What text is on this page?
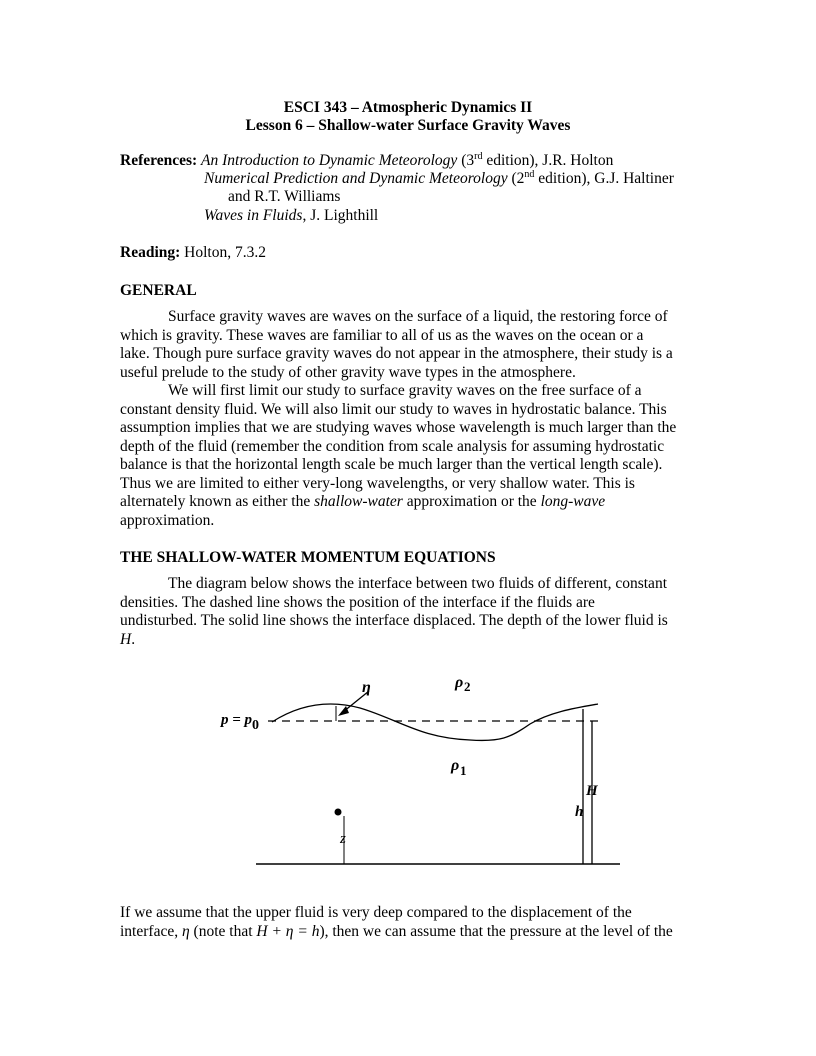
ESCI 343 – Atmospheric Dynamics II
Lesson 6 – Shallow-water Surface Gravity Waves
References: An Introduction to Dynamic Meteorology (3rd edition), J.R. Holton
Numerical Prediction and Dynamic Meteorology (2nd edition), G.J. Haltiner
and R.T. Williams
Waves in Fluids, J. Lighthill
Reading: Holton, 7.3.2
GENERAL
Surface gravity waves are waves on the surface of a liquid, the restoring force of
which is gravity. These waves are familiar to all of us as the waves on the ocean or a
lake. Though pure surface gravity waves do not appear in the atmosphere, their study is a
useful prelude to the study of other gravity wave types in the atmosphere.
We will first limit our study to surface gravity waves on the free surface of a
constant density fluid. We will also limit our study to waves in hydrostatic balance. This
assumption implies that we are studying waves whose wavelength is much larger than the
depth of the fluid (remember the condition from scale analysis for assuming hydrostatic
balance is that the horizontal length scale be much larger than the vertical length scale).
Thus we are limited to either very-long wavelengths, or very shallow water. This is
alternately known as either the shallow-water approximation or the long-wave
approximation.
THE SHALLOW-WATER MOMENTUM EQUATIONS
The diagram below shows the interface between two fluids of different, constant
densities. The dashed line shows the position of the interface if the fluids are
undisturbed. The solid line shows the interface displaced. The depth of the lower fluid is
H.
η	ρ 2
ρ 1
p = p 0
H
h
z
If we assume that the upper fluid is very deep compared to the displacement of the
interface, η (note that H + η = h), then we can assume that the pressure at the level of the
